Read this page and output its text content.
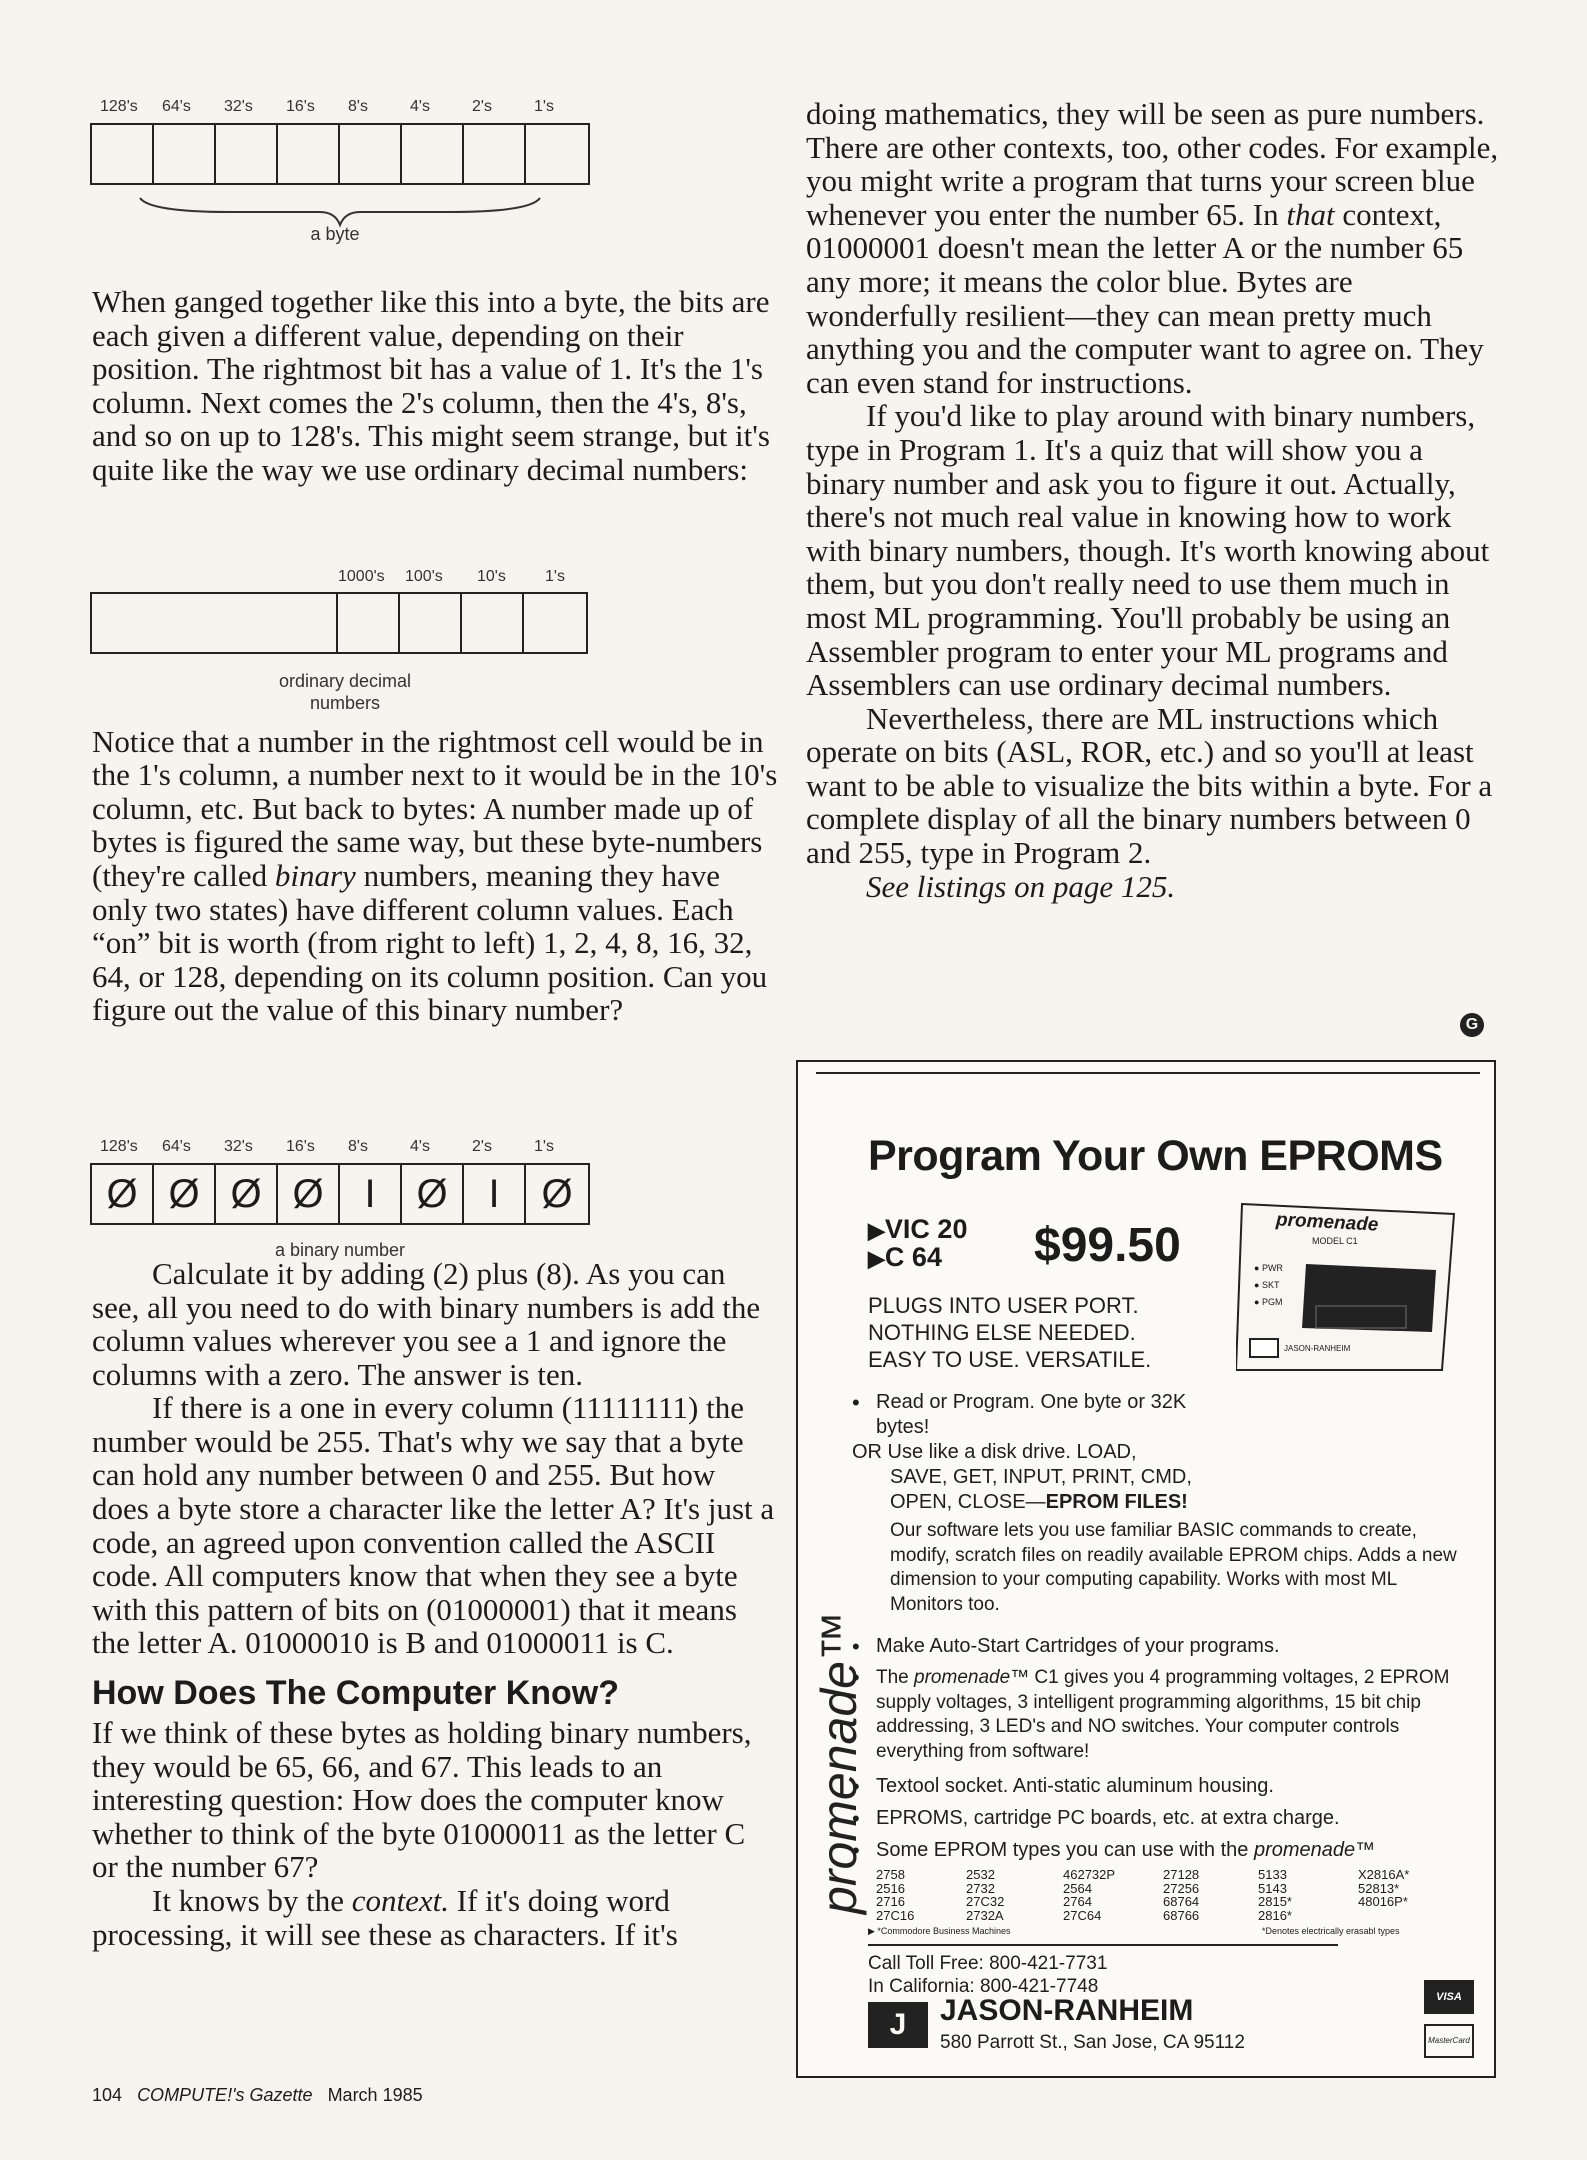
128's 64's 32's 16's 8's	4's	2's	1's
a byte
1000's 100's 10's 1's
ordinary decimal
numbers
128's 64's 32's 16's 8's	4's	2's	1's
Ø Ø Ø Ø	I	Ø	I	Ø
a binary number

When ganged together like this into a byte, the bits are each given a different value, depending on their position. The rightmost bit has a value of 1. It's the 1's column. Next comes the 2's column, then the 4's, 8's, and so on up to 128's. This might seem strange, but it's quite like the way we use ordinary decimal numbers:

Notice that a number in the rightmost cell would be in the 1's column, a number next to it would be in the 10's column, etc. But back to bytes: A number made up of bytes is figured the same way, but these byte-numbers (they're called binary numbers, meaning they have only two states) have different column values. Each “on” bit is worth (from right to left) 1, 2, 4, 8, 16, 32, 64, or 128, depending on its column position. Can you figure out the value of this binary number?

Calculate it by adding (2) plus (8). As you can see, all you need to do with binary numbers is add the column values wherever you see a 1 and ignore the columns with a zero. The answer is ten.

If there is a one in every column (11111111) the number would be 255. That's why we say that a byte can hold any number between 0 and 255. But how does a byte store a character like the letter A? It's just a code, an agreed upon convention called the ASCII code. All computers know that when they see a byte with this pattern of bits on (01000001) that it means the letter A. 01000010 is B and 01000011 is C.

How Does The Computer Know?

If we think of these bytes as holding binary numbers, they would be 65, 66, and 67. This leads to an interesting question: How does the computer know whether to think of the byte 01000011 as the letter C or the number 67?

It knows by the context. If it's doing word processing, it will see these as characters. If it's

doing mathematics, they will be seen as pure numbers. There are other contexts, too, other codes. For example, you might write a program that turns your screen blue whenever you enter the number 65. In that context, 01000001 doesn't mean the letter A or the number 65 any more; it means the color blue. Bytes are wonderfully resilient—they can mean pretty much anything you and the computer want to agree on. They can even stand for instructions.

If you'd like to play around with binary numbers, type in Program 1. It's a quiz that will show you a binary number and ask you to figure it out. Actually, there's not much real value in knowing how to work with binary numbers, though. It's worth knowing about them, but you don't really need to use them much in most ML programming. You'll probably be using an Assembler program to enter your ML programs and Assemblers can use ordinary decimal numbers.

Nevertheless, there are ML instructions which operate on bits (ASL, ROR, etc.) and so you'll at least want to be able to visualize the bits within a byte. For a complete display of all the binary numbers between 0 and 255, type in Program 2.

See listings on page 125.

G
Program Your Own EPROMS
▶VIC 20
▶C 64	$99.50
PLUGS INTO USER PORT.
NOTHING ELSE NEEDED.
EASY TO USE. VERSATILE.
promenade
MODEL C1
● PWR
● SKT
● PGM
JASON-RANHEIM
promenade™
• Read or Program. One byte or 32K bytes!
OR Use like a disk drive. LOAD,
SAVE, GET, INPUT, PRINT, CMD,
OPEN, CLOSE—EPROM FILES!
Our software lets you use familiar BASIC commands to create, modify, scratch files on readily available EPROM chips. Adds a new dimension to your computing capability. Works with most ML Monitors too.
• Make Auto-Start Cartridges of your programs.
• The promenade™ C1 gives you 4 programming voltages, 2 EPROM supply voltages, 3 intelligent programming algorithms, 15 bit chip addressing, 3 LED's and NO switches. Your computer controls everything from software!
• Textool socket. Anti-static aluminum housing.
• EPROMS, cartridge PC boards, etc. at extra charge.
• Some EPROM types you can use with the promenade™
2758	2532	462732P	27128	5133	X2816A*
2516	2732	2564	27256	5143	52813*
2716	27C32	2764	68764	2815*	48016P*
27C16	2732A	27C64	68766	2816*
▶ *Commodore Business Machines	*Denotes electrically erasabl types
Call Toll Free: 800-421-7731
In California: 800-421-7748
J	JASON-RANHEIM
580 Parrott St., San Jose, CA 95112
VISA
MasterCard
104 COMPUTE!'s Gazette March 1985
